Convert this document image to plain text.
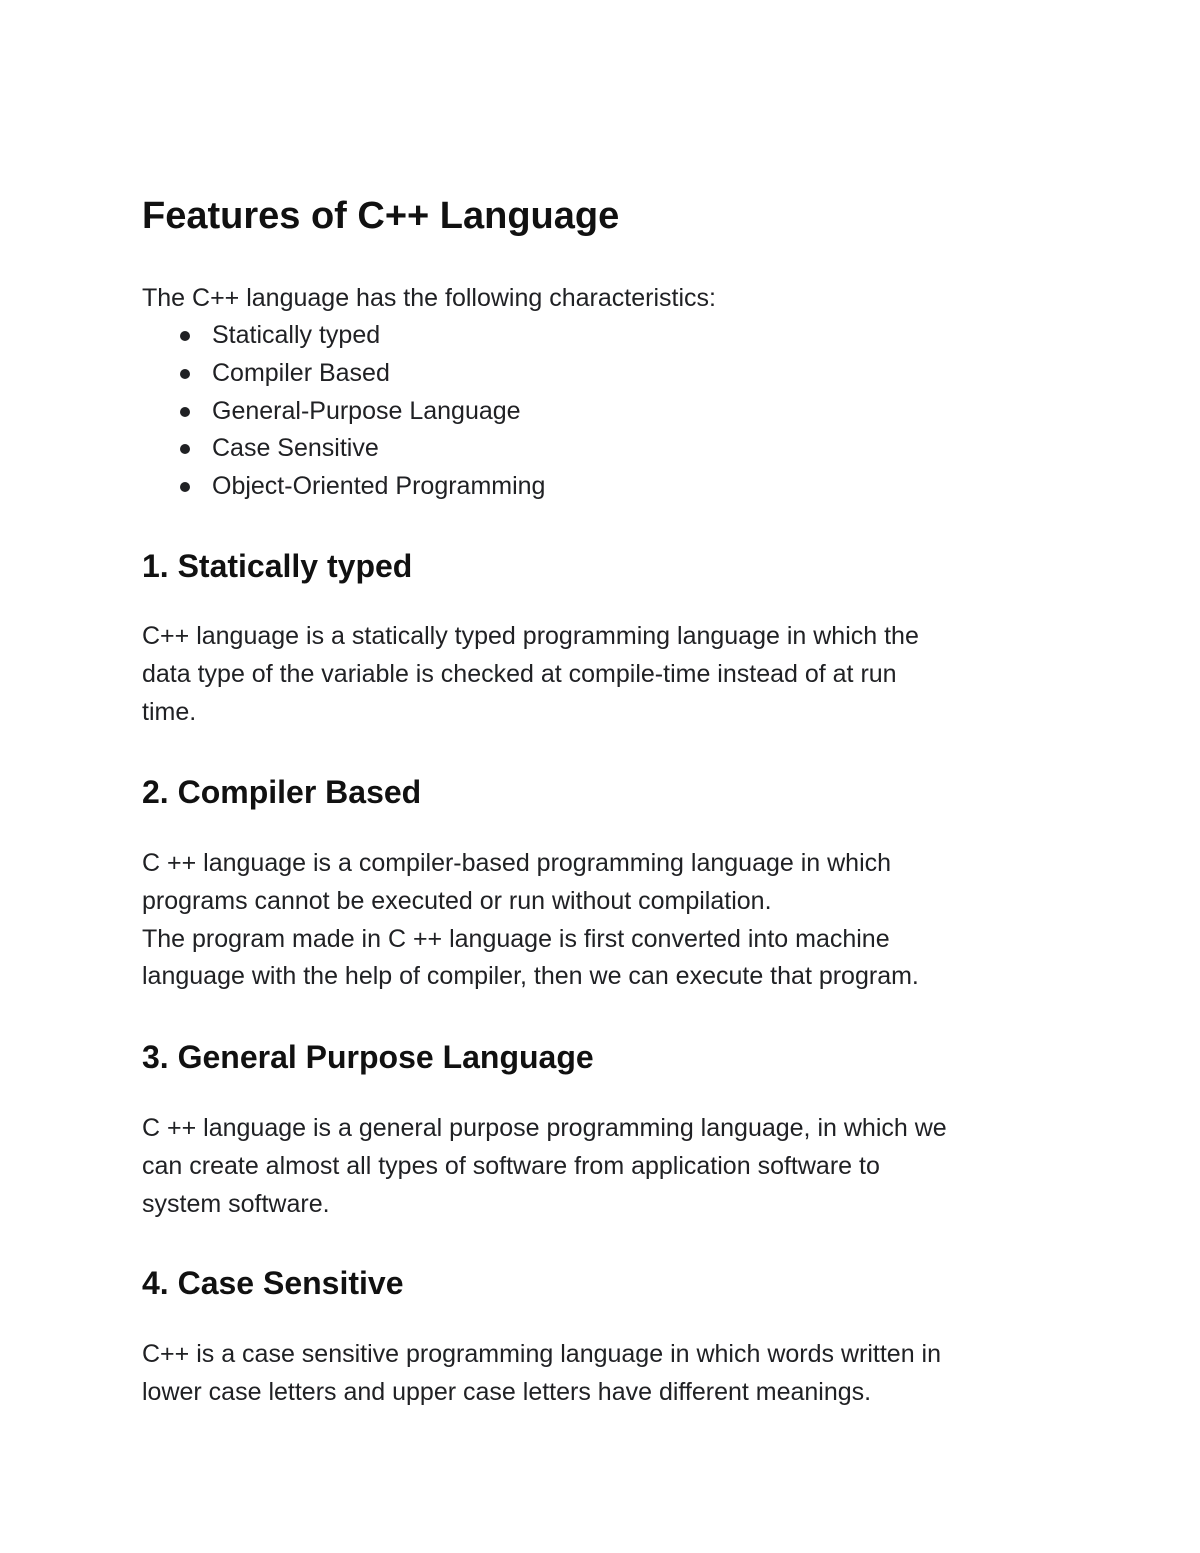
Features of C++ Language

The C++ language has the following characteristics:

Statically typed
Compiler Based
General-Purpose Language
Case Sensitive
Object-Oriented Programming
1. Statically typed
C++ language is a statically typed programming language in which the
data type of the variable is checked at compile-time instead of at run
time.
2. Compiler Based
C ++ language is a compiler-based programming language in which
programs cannot be executed or run without compilation.
The program made in C ++ language is first converted into machine
language with the help of compiler, then we can execute that program.
3. General Purpose Language
C ++ language is a general purpose programming language, in which we
can create almost all types of software from application software to
system software.
4. Case Sensitive
C++ is a case sensitive programming language in which words written in
lower case letters and upper case letters have different meanings.
